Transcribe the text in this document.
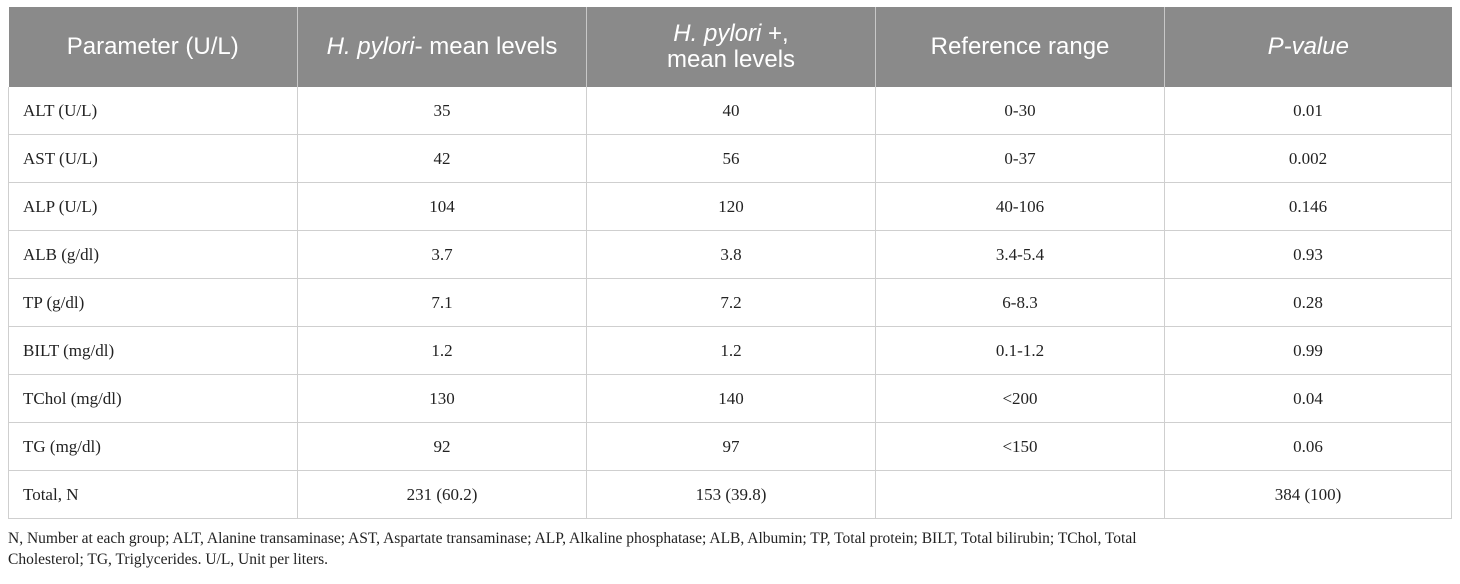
Parameter (U/L)	H. pylori- mean levels	H. pylori +,
mean levels	Reference range	P-value
ALT (U/L)	35	40	0-30	0.01
AST (U/L)	42	56	0-37	0.002
ALP (U/L)	104	120	40-106	0.146
ALB (g/dl)	3.7	3.8	3.4-5.4	0.93
TP (g/dl)	7.1	7.2	6-8.3	0.28
BILT (mg/dl)	1.2	1.2	0.1-1.2	0.99
TChol (mg/dl)	130	140	<200	0.04
TG (mg/dl)	92	97	<150	0.06
Total, N	231 (60.2)	153 (39.8)		384 (100)
N, Number at each group; ALT, Alanine transaminase; AST, Aspartate transaminase; ALP, Alkaline phosphatase; ALB, Albumin; TP, Total protein; BILT, Total bilirubin; TChol, Total
Cholesterol; TG, Triglycerides. U/L, Unit per liters.
